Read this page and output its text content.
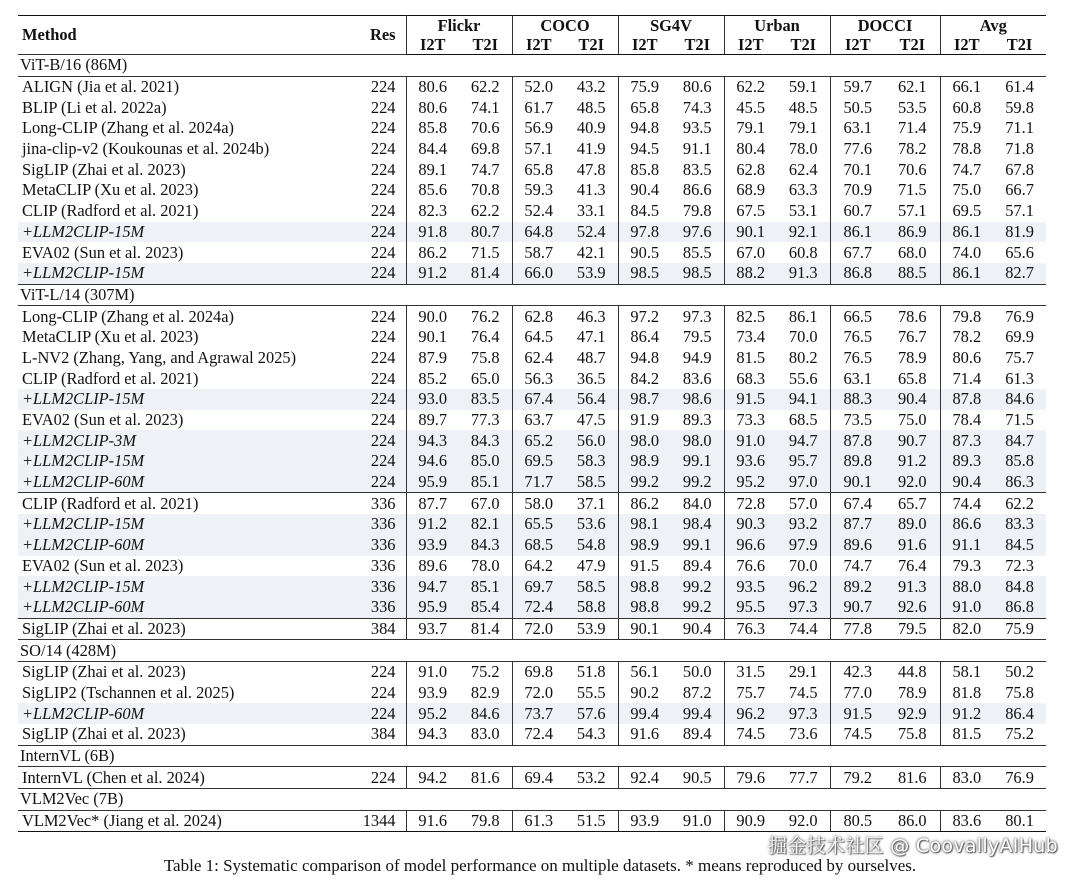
Method	Res	Flickr		COCO		SG4V		Urban		DOCCI		Avg	
		I2T	T2I	I2T	T2I	I2T	T2I	I2T	T2I	I2T	T2I	I2T	T2I
ViT-B/16 (86M)													
ALIGN (Jia et al. 2021)	224	80.6	62.2	52.0	43.2	75.9	80.6	62.2	59.1	59.7	62.1	66.1	61.4
BLIP (Li et al. 2022a)	224	80.6	74.1	61.7	48.5	65.8	74.3	45.5	48.5	50.5	53.5	60.8	59.8
Long-CLIP (Zhang et al. 2024a)	224	85.8	70.6	56.9	40.9	94.8	93.5	79.1	79.1	63.1	71.4	75.9	71.1
jina-clip-v2 (Koukounas et al. 2024b)	224	84.4	69.8	57.1	41.9	94.5	91.1	80.4	78.0	77.6	78.2	78.8	71.8
SigLIP (Zhai et al. 2023)	224	89.1	74.7	65.8	47.8	85.8	83.5	62.8	62.4	70.1	70.6	74.7	67.8
MetaCLIP (Xu et al. 2023)	224	85.6	70.8	59.3	41.3	90.4	86.6	68.9	63.3	70.9	71.5	75.0	66.7
CLIP (Radford et al. 2021)	224	82.3	62.2	52.4	33.1	84.5	79.8	67.5	53.1	60.7	57.1	69.5	57.1
+LLM2CLIP-15M	224	91.8	80.7	64.8	52.4	97.8	97.6	90.1	92.1	86.1	86.9	86.1	81.9
EVA02 (Sun et al. 2023)	224	86.2	71.5	58.7	42.1	90.5	85.5	67.0	60.8	67.7	68.0	74.0	65.6
+LLM2CLIP-15M	224	91.2	81.4	66.0	53.9	98.5	98.5	88.2	91.3	86.8	88.5	86.1	82.7
ViT-L/14 (307M)													
Long-CLIP (Zhang et al. 2024a)	224	90.0	76.2	62.8	46.3	97.2	97.3	82.5	86.1	66.5	78.6	79.8	76.9
MetaCLIP (Xu et al. 2023)	224	90.1	76.4	64.5	47.1	86.4	79.5	73.4	70.0	76.5	76.7	78.2	69.9
L-NV2 (Zhang, Yang, and Agrawal 2025)	224	87.9	75.8	62.4	48.7	94.8	94.9	81.5	80.2	76.5	78.9	80.6	75.7
CLIP (Radford et al. 2021)	224	85.2	65.0	56.3	36.5	84.2	83.6	68.3	55.6	63.1	65.8	71.4	61.3
+LLM2CLIP-15M	224	93.0	83.5	67.4	56.4	98.7	98.6	91.5	94.1	88.3	90.4	87.8	84.6
EVA02 (Sun et al. 2023)	224	89.7	77.3	63.7	47.5	91.9	89.3	73.3	68.5	73.5	75.0	78.4	71.5
+LLM2CLIP-3M	224	94.3	84.3	65.2	56.0	98.0	98.0	91.0	94.7	87.8	90.7	87.3	84.7
+LLM2CLIP-15M	224	94.6	85.0	69.5	58.3	98.9	99.1	93.6	95.7	89.8	91.2	89.3	85.8
+LLM2CLIP-60M	224	95.9	85.1	71.7	58.5	99.2	99.2	95.2	97.0	90.1	92.0	90.4	86.3
CLIP (Radford et al. 2021)	336	87.7	67.0	58.0	37.1	86.2	84.0	72.8	57.0	67.4	65.7	74.4	62.2
+LLM2CLIP-15M	336	91.2	82.1	65.5	53.6	98.1	98.4	90.3	93.2	87.7	89.0	86.6	83.3
+LLM2CLIP-60M	336	93.9	84.3	68.5	54.8	98.9	99.1	96.6	97.9	89.6	91.6	91.1	84.5
EVA02 (Sun et al. 2023)	336	89.6	78.0	64.2	47.9	91.5	89.4	76.6	70.0	74.7	76.4	79.3	72.3
+LLM2CLIP-15M	336	94.7	85.1	69.7	58.5	98.8	99.2	93.5	96.2	89.2	91.3	88.0	84.8
+LLM2CLIP-60M	336	95.9	85.4	72.4	58.8	98.8	99.2	95.5	97.3	90.7	92.6	91.0	86.8
SigLIP (Zhai et al. 2023)	384	93.7	81.4	72.0	53.9	90.1	90.4	76.3	74.4	77.8	79.5	82.0	75.9
SO/14 (428M)													
SigLIP (Zhai et al. 2023)	224	91.0	75.2	69.8	51.8	56.1	50.0	31.5	29.1	42.3	44.8	58.1	50.2
SigLIP2 (Tschannen et al. 2025)	224	93.9	82.9	72.0	55.5	90.2	87.2	75.7	74.5	77.0	78.9	81.8	75.8
+LLM2CLIP-60M	224	95.2	84.6	73.7	57.6	99.4	99.4	96.2	97.3	91.5	92.9	91.2	86.4
SigLIP (Zhai et al. 2023)	384	94.3	83.0	72.4	54.3	91.6	89.4	74.5	73.6	74.5	75.8	81.5	75.2
InternVL (6B)													
InternVL (Chen et al. 2024)	224	94.2	81.6	69.4	53.2	92.4	90.5	79.6	77.7	79.2	81.6	83.0	76.9
VLM2Vec (7B)													
VLM2Vec* (Jiang et al. 2024)	1344	91.6	79.8	61.3	51.5	93.9	91.0	90.9	92.0	80.5	86.0	83.6	80.1
Table 1: Systematic comparison of model performance on multiple datasets. * means reproduced by ourselves.
掘金技术社区 @ CoovallyAIHub
